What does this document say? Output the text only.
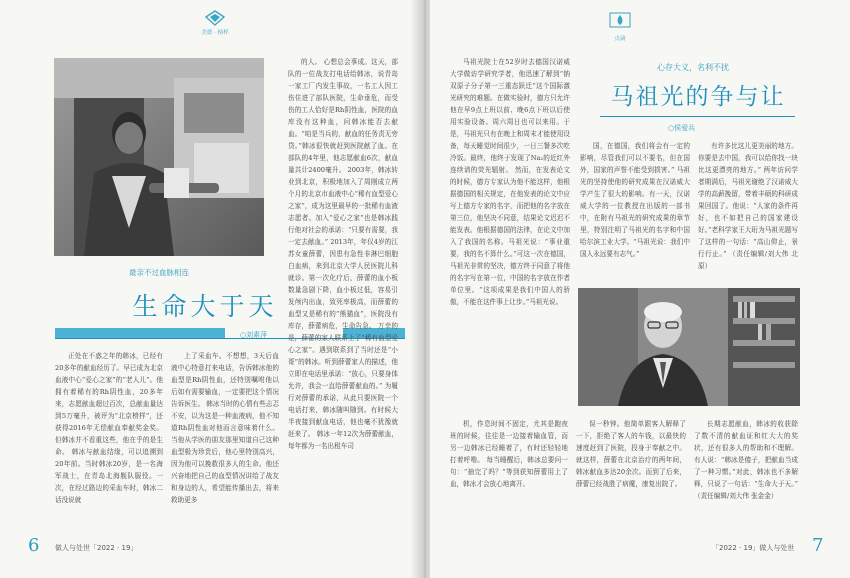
美德 · 榜样
最亲不过血脉相连
生命大于天
○刘素萍

正处在不惑之年的韩冰，已经有20多年的献血经历了。早已成为北京血液中心“爱心之家”的“老人儿”。他拥有着稀有的Rh阴性血，20多年来，志愿献血超过百次，总献血量达到5万毫升，被评为“北京榜样”，还获得2016年无偿献血奉献奖金奖。但韩冰并不看重这些，他在乎的是生命。 韩冰与献血结缘，可以追溯到20年前。当时韩冰20岁，是一名海军战士，在青岛北海舰队服役。一次，在经过路边的采血车时，韩冰二话没说就

上了采血车。不想想，3天后血液中心特意打来电话，告诉韩冰他的血型是Rh阴性血，还特别嘱咐他以后如有需要输血，一定要把这个情况告诉医生。 韩冰当时的心情有些忐忑不安，以为这是一种血液病，他不知道Rh阴性血对他而言意味着什么。当他从学医的朋友那里知道自己这种血型极为珍贵后，他心里特别高兴，因为他可以挽救很多人的生命。他还兴奋地把自己的血型情况讲给了战友和身边的人，希望能传播出去，将来救助更多

的人。 心想总会事成。这天，部队的一位战友打电话给韩冰，说青岛一家工厂内发生事故，一名工人因工伤住进了部队医院，生命垂危，而受伤的工人恰好是Rh阴性血，医院的血库没有这种血，问韩冰能否去献血。“咱是当兵的，献血的任务责无旁贷。”韩冰很快就赶到医院献了血。在部队的4年里，他志愿献血6次，献血量共计2400毫升。 2003年，韩冰转业到北京，积极地加入了周刚成立两个月的北京市血液中心“稀有血型爱心之家”，成为这里最早的一批稀有血液志愿者。加入“爱心之家”也是韩冰践行他对社会的承诺：“只要有需要，我一定去献血。” 2013年，年仅4岁的江苏女童薛蕾，因患有急性非淋巴细胞白血病，来到北京大学人民医院儿科就诊。第一次化疗后，薛蕾的血小板数量急剧下降，血小板过低，容易引发颅内出血，致死率极高，而薛蕾的血型又是稀有的“熊猫血”，医院没有库存，薛蕾病危，生命告急。 万幸的是，薛蕾的家人联系上了“稀有血型爱心之家”。遇到联系到了当时还是“小哥”的韩冰。听到薛蕾家人的描述，他立即在电话里承诺：“放心，只要身体允许，我会一直给薛蕾献血的。” 为履行对薛蕾的承诺，从此只要医院一个电话打来，韩冰随叫随到。有时候大半夜接到献血电话，他也毫不犹豫就赶来了。 韩冰一年12次为薛蕾献血，每年都为一名出租车司

6 做人与处世「2022 · 19」
点滴
心存大义，名利不扰
马祖光的争与让
○侯爱兵

马祖光院士在52岁时去德国汉诺威大学做访学研究学者，他迅速了解到“钠双原子分子第一三重态跃迁”这个国际激光研究的难题。在做实验时，德方只允许他在早9点上班以前、晚6点下班以后使用实验设备。周六周日也可以来用。于是，马祖光只有在晚上和周末才能使用设备，每天睡觉时间很少，一日三餐多次吃冷饭。最终，他终于发现了Na₂的近红外连续谱的荧光辐射。 然而，在发表论文的时候，德方专家认为他不能这样，他根据德国的相关规定，在他发表的论文中应写上德方专家的名字，而把他的名字放在第三位，他坚决不同意，结果论文迟迟不能发表。他根据德国的法律，在论文中加入了我国的名称。马祖光说：“事业重要，我的名不算什么。”可这一次在德国，马祖光非常的坚决，德方终于同意了将他的名字写在第一位，中国的名字放在作者单位里。“这项成果是我们中国人的骄傲，不能在这件事上让步。”马祖光说。

国，在德国，我们将会有一定的影响，尽管我们可以不要名，但在国外，国家的声誉不能受到损害。” 马祖光的坚持使他的研究成果在汉诺威大学产生了很大的影响。有一天，汉诺威大学的一位教授在出版的一部书中，在附有马祖光的研究成果的章节里，特别注明了马祖光的名字和中国哈尔滨工业大学。“马祖光说：我们中国人永远要有志气。”

有许多比这儿更美丽的地方。你要是去中国，我可以给你找一块比这更漂亮的地方。” 两年访问学者期满后，马祖光谢绝了汉诺威大学的高薪挽留，带着丰硕的科研成果回国了。他说：“人家的条件再好，也不如把自己的国家建设好。”老科学家王大珩为马祖光题写了这样的一句话：“高山仰止，景行行止。” （责任编辑/刘大伟 北原）

机，作息时间不固定，尤其是跑夜班的时候，往往是一边接着输血管，而另一边韩冰已经睡着了，有时还轻轻地打着呼噜。 每当睡醒后，韩冰总要问一句：“抽完了吗？”等到获知薛蕾用上了血，韩冰才会放心地离开。

误一秒钟。他简单跟客人解释了一下，拒绝了客人的车钱，以最快的速度赶到了医院，投身于奉献之中。 就这样，薛蕾在北京治疗的两年间，韩冰献血多达20余次。而到了后来，薛蕾已经战胜了病魔，康复出院了。

长期志愿献血，韩冰的收获除了数不清的献血证和红大大的奖状，还有很多人的帮助和不理解。有人说：“韩冰是傻子，把献血当成了一种习惯。”对此，韩冰也不多解释，只说了一句话：“生命大于天。” （责任编辑/刘大伟 张金金）

「2022 · 19」做人与处世 7
